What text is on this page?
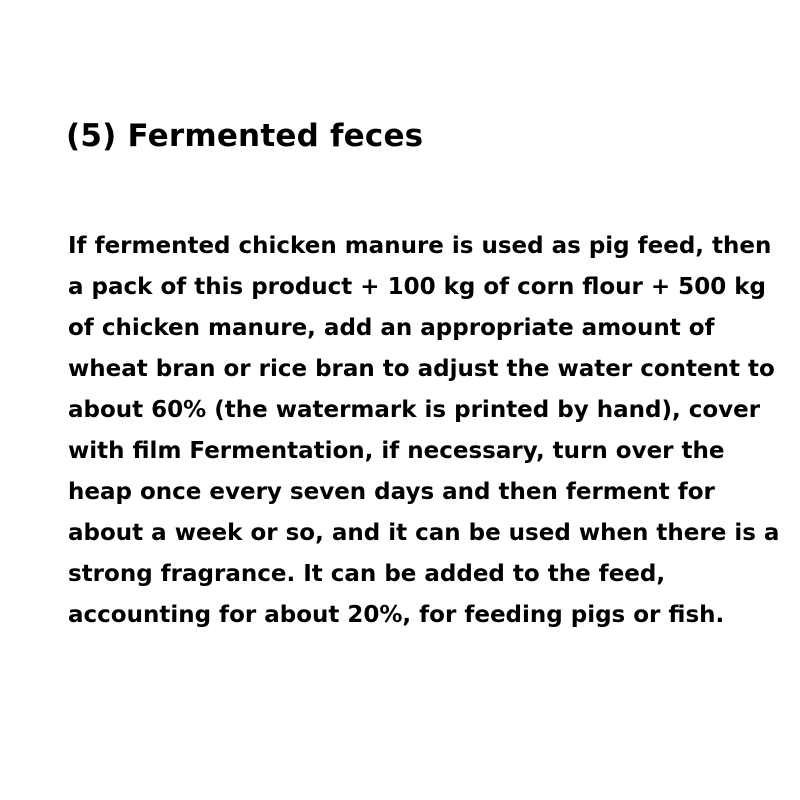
(5) Fermented feces
If fermented chicken manure is used as pig feed, then
a pack of this product + 100 kg of corn flour + 500 kg
of chicken manure, add an appropriate amount of
wheat bran or rice bran to adjust the water content to
about 60% (the watermark is printed by hand), cover
with film Fermentation, if necessary, turn over the
heap once every seven days and then ferment for
about a week or so, and it can be used when there is a
strong fragrance. It can be added to the feed,
accounting for about 20%, for feeding pigs or fish.
